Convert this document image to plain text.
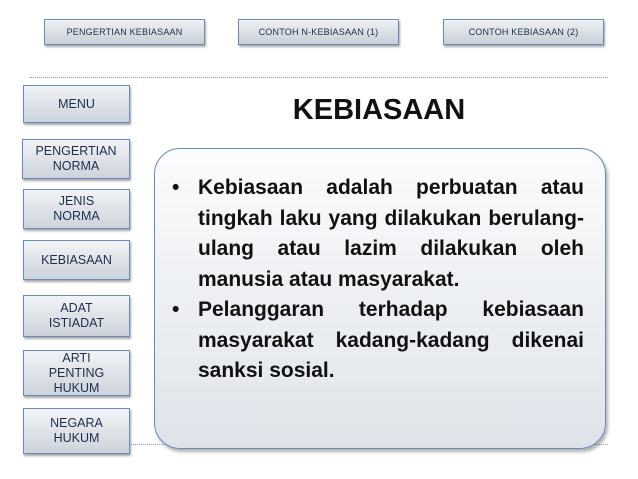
PENGERTIAN KEBIASAAN	CONTOH N-KEBIASAAN (1)	CONTOH KEBIASAAN (2)
MENU
PENGERTIAN
NORMA
JENIS
NORMA
KEBIASAAN
ADAT
ISTIADAT
ARTI
PENTING
HUKUM
NEGARA
HUKUM
KEBIASAAN
• Kebiasaan adalah perbuatan atau tingkah laku yang dilakukan berulang-ulang atau lazim dilakukan oleh manusia atau masyarakat.
• Pelanggaran terhadap kebiasaan masyarakat kadang-kadang dikenai sanksi sosial.
